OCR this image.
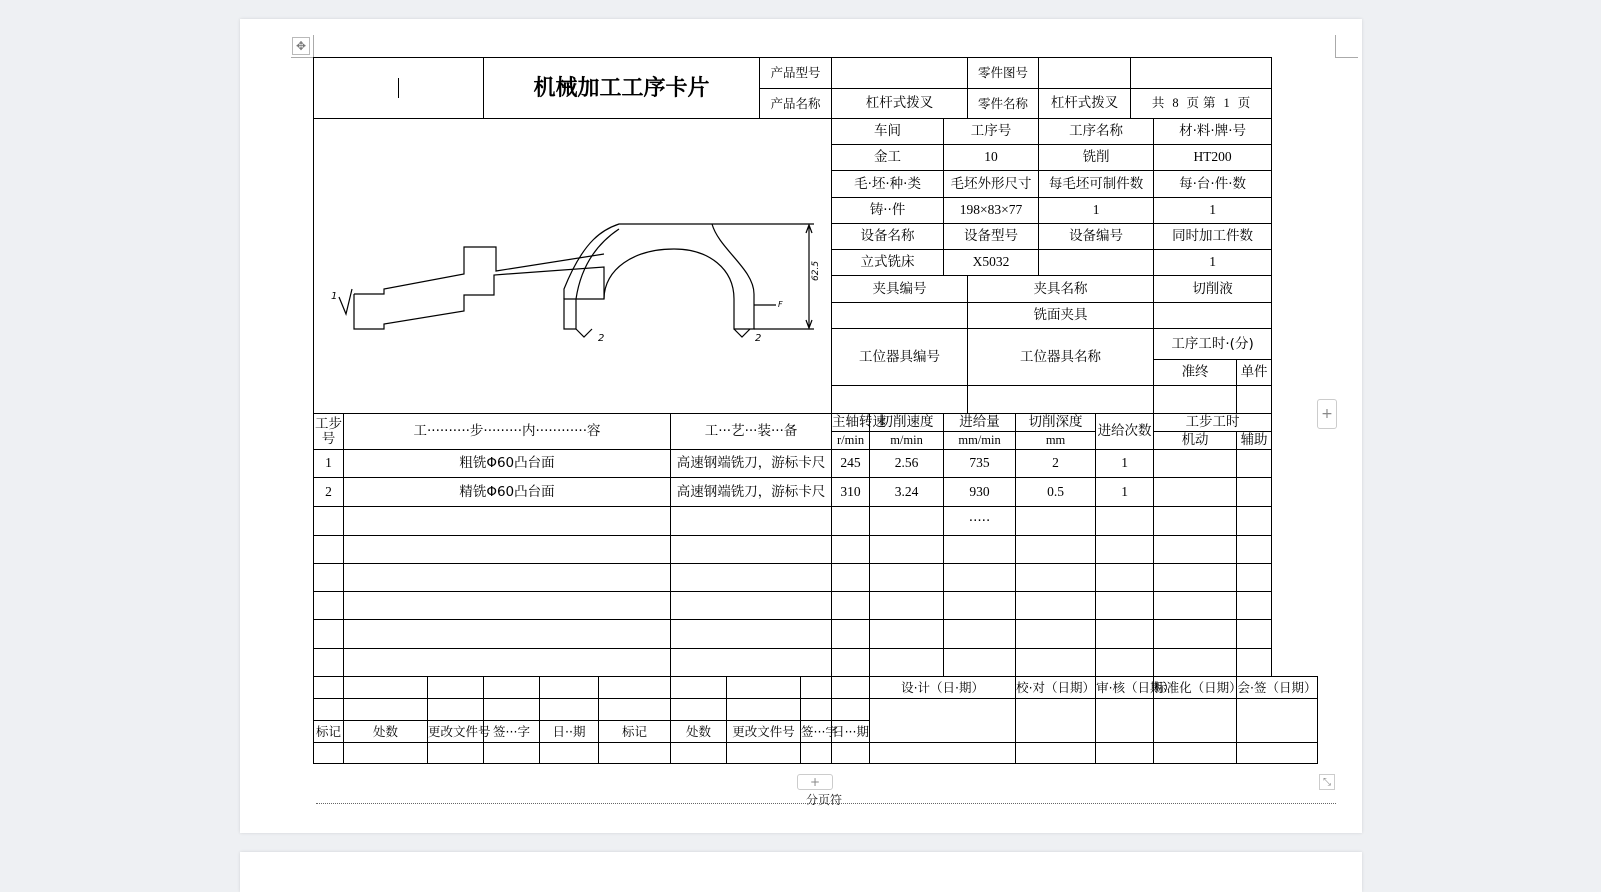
✥
			机械加工工序卡片					产品型号					零件图号						
								产品名称		杠杆式拨叉			零件名称		杠杆式拨叉		共 8 页 第 1 页		

62.5
1
2 2
F										车间		工序号			工序名称			材·料·牌·号	
										金工		10			铣削			HT200	
										毛·坯·种·类		毛坯外形尺寸			每毛坯可制件数			每·台·件·数	
										铸··件		198×83×77			1			1	
										设备名称		设备型号			设备编号			同时加工件数	
										立式铣床		X5032						1	
										夹具编号			夹具名称					切削液	
													铣面夹具						
										工位器具编号			工位器具名称					工序工时·(分)	
																		准终	单件

工步号	工··········步·········内············容					工···艺···装···备				主轴转速	切削速度	进给量		切削深度		进给次数		工步工时	
										r/min	m/min	mm/min		mm				机动	辅助
1	粗铣Φ60凸台面					高速钢端铣刀，游标卡尺				245	2.56	735		2		1			
2	精铣Φ60凸台面					高速钢端铣刀，游标卡尺				310	3.24	930		0.5		1			
												·····							

											设·计（日·期）			校·对（日期）		审·核（日期）		标准化（日期）	会·签（日期）

标记	处数	更改文件号	签···字	日··期	标记	处数	更改文件号		签···字	日···期									

+
+	⤡
分页符
